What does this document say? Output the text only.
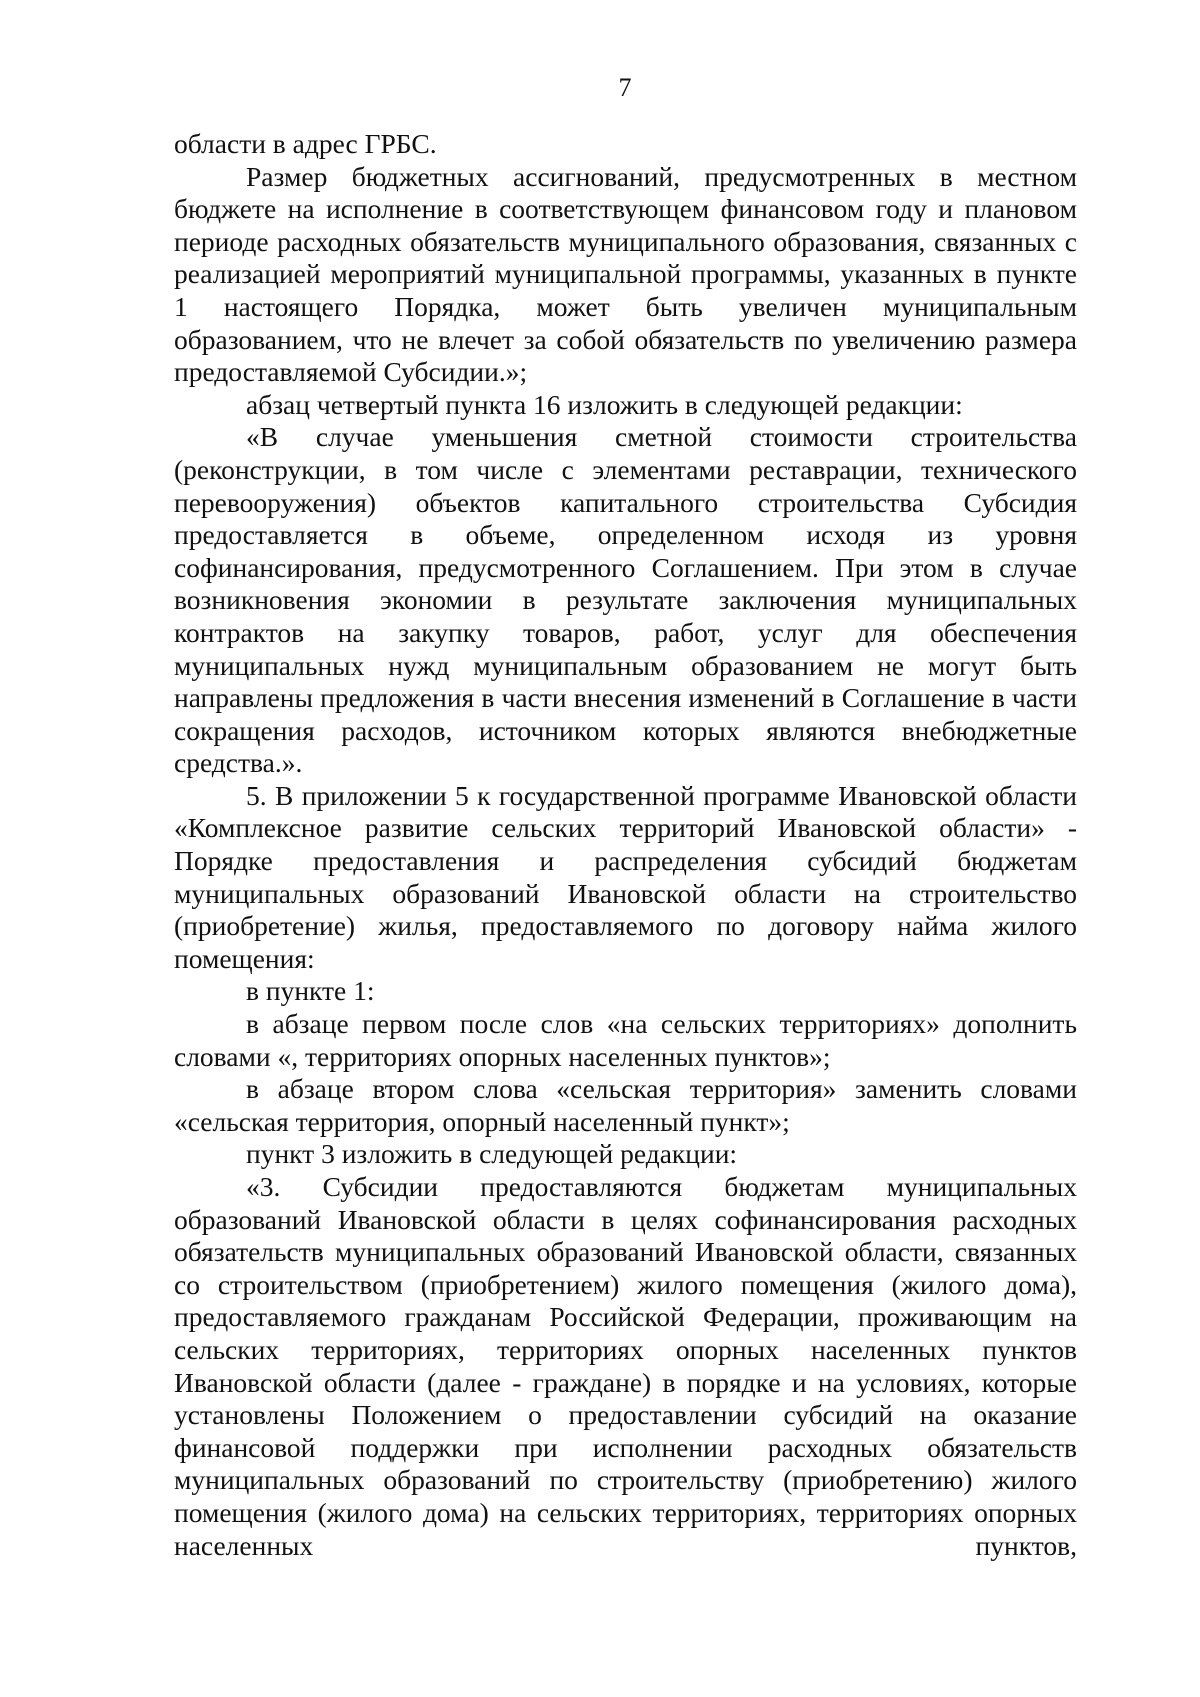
7

области в адрес ГРБС.

Размер бюджетных ассигнований, предусмотренных в местном бюджете на исполнение в соответствующем финансовом году и плановом периоде расходных обязательств муниципального образования, связанных с реализацией мероприятий муниципальной программы, указанных в пункте 1 настоящего Порядка, может быть увеличен муниципальным образованием, что не влечет за собой обязательств по увеличению размера предоставляемой Субсидии.»;

абзац четвертый пункта 16 изложить в следующей редакции:

«В случае уменьшения сметной стоимости строительства (реконструкции, в том числе с элементами реставрации, технического перевооружения) объектов капитального строительства Субсидия предоставляется в объеме, определенном исходя из уровня софинансирования, предусмотренного Соглашением. При этом в случае возникновения экономии в результате заключения муниципальных контрактов на закупку товаров, работ, услуг для обеспечения муниципальных нужд муниципальным образованием не могут быть направлены предложения в части внесения изменений в Соглашение в части сокращения расходов, источником которых являются внебюджетные средства.».

5. В приложении 5 к государственной программе Ивановской области «Комплексное развитие сельских территорий Ивановской области» - Порядке предоставления и распределения субсидий бюджетам муниципальных образований Ивановской области на строительство (приобретение) жилья, предоставляемого по договору найма жилого помещения:

в пункте 1:

в абзаце первом после слов «на сельских территориях» дополнить словами «, территориях опорных населенных пунктов»;

в абзаце втором слова «сельская территория» заменить словами «сельская территория, опорный населенный пункт»;

пункт 3 изложить в следующей редакции:

«3. Субсидии предоставляются бюджетам муниципальных образований Ивановской области в целях софинансирования расходных обязательств муниципальных образований Ивановской области, связанных со строительством (приобретением) жилого помещения (жилого дома), предоставляемого гражданам Российской Федерации, проживающим на сельских территориях, территориях опорных населенных пунктов Ивановской области (далее - граждане) в порядке и на условиях, которые установлены Положением о предоставлении субсидий на оказание финансовой поддержки при исполнении расходных обязательств муниципальных образований по строительству (приобретению) жилого помещения (жилого дома) на сельских территориях, территориях опорных населенных пунктов,
